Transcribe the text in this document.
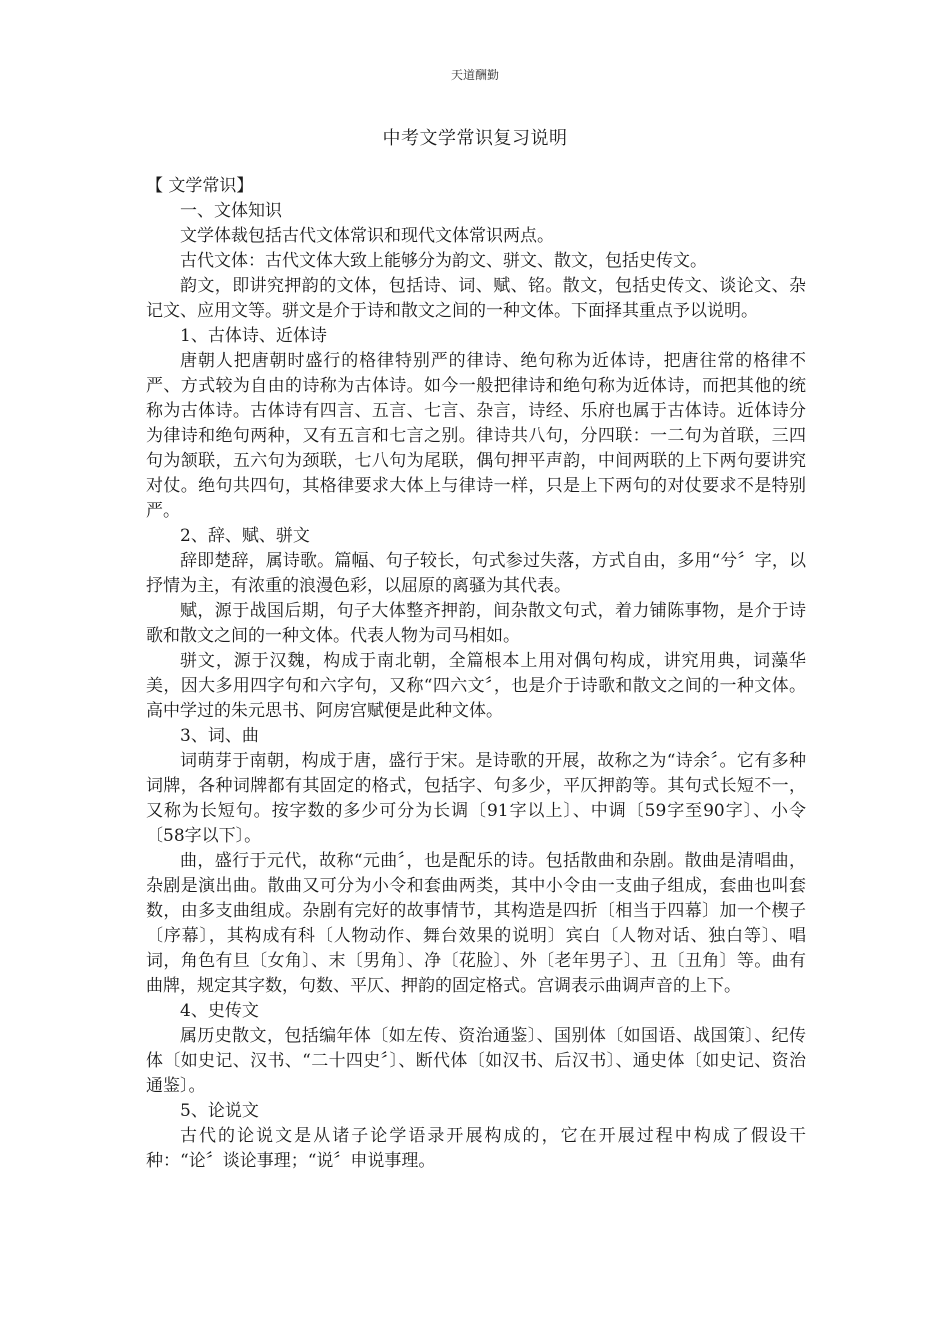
天道酬勤
中考文学常识复习说明

【 文学常识】

一、文体知识

文学体裁包括古代文体常识和现代文体常识两点。

古代文体：古代文体大致上能够分为韵文、骈文、散文，包括史传文。

韵文，即讲究押韵的文体，包括诗、词、赋、铭。散文，包括史传文、谈论文、杂记文、应用文等。骈文是介于诗和散文之间的一种文体。下面择其重点予以说明。

1、古体诗、近体诗

唐朝人把唐朝时盛行的格律特别严的律诗、绝句称为近体诗，把唐往常的格律不严、方式较为自由的诗称为古体诗。如今一般把律诗和绝句称为近体诗，而把其他的统称为古体诗。古体诗有四言、五言、七言、杂言，诗经、乐府也属于古体诗。近体诗分为律诗和绝句两种，又有五言和七言之别。律诗共八句，分四联：一二句为首联，三四句为颔联，五六句为颈联，七八句为尾联，偶句押平声韵，中间两联的上下两句要讲究对仗。绝句共四句，其格律要求大体上与律诗一样，只是上下两句的对仗要求不是特别严。

2、辞、赋、骈文

辞即楚辞，属诗歌。篇幅、句子较长，句式参过失落，方式自由，多用“兮〞字，以抒情为主，有浓重的浪漫色彩，以屈原的离骚为其代表。

赋，源于战国后期，句子大体整齐押韵，间杂散文句式，着力铺陈事物，是介于诗歌和散文之间的一种文体。代表人物为司马相如。

骈文，源于汉魏，构成于南北朝，全篇根本上用对偶句构成，讲究用典，词藻华美，因大多用四字句和六字句，又称“四六文〞，也是介于诗歌和散文之间的一种文体。高中学过的朱元思书、阿房宫赋便是此种文体。

3、词、曲

词萌芽于南朝，构成于唐，盛行于宋。是诗歌的开展，故称之为“诗余〞。它有多种词牌，各种词牌都有其固定的格式，包括字、句多少，平仄押韵等。其句式长短不一，又称为长短句。按字数的多少可分为长调〔91字以上〕、中调〔59字至90字〕、小令〔58字以下〕。

曲，盛行于元代，故称“元曲〞，也是配乐的诗。包括散曲和杂剧。散曲是清唱曲，杂剧是演出曲。散曲又可分为小令和套曲两类，其中小令由一支曲子组成，套曲也叫套数，由多支曲组成。杂剧有完好的故事情节，其构造是四折〔相当于四幕〕加一个楔子〔序幕〕，其构成有科〔人物动作、舞台效果的说明〕宾白〔人物对话、独白等〕、唱词，角色有旦〔女角〕、末〔男角〕、净〔花脸〕、外〔老年男子〕、丑〔丑角〕等。曲有曲牌，规定其字数，句数、平仄、押韵的固定格式。宫调表示曲调声音的上下。

4、史传文

属历史散文，包括编年体〔如左传、资治通鉴〕、国别体〔如国语、战国策〕、纪传体〔如史记、汉书、“二十四史〞〕、断代体〔如汉书、后汉书〕、通史体〔如史记、资治通鉴〕。

5、论说文

古代的论说文是从诸子论学语录开展构成的，它在开展过程中构成了假设干种：“论〞谈论事理；“说〞申说事理。
